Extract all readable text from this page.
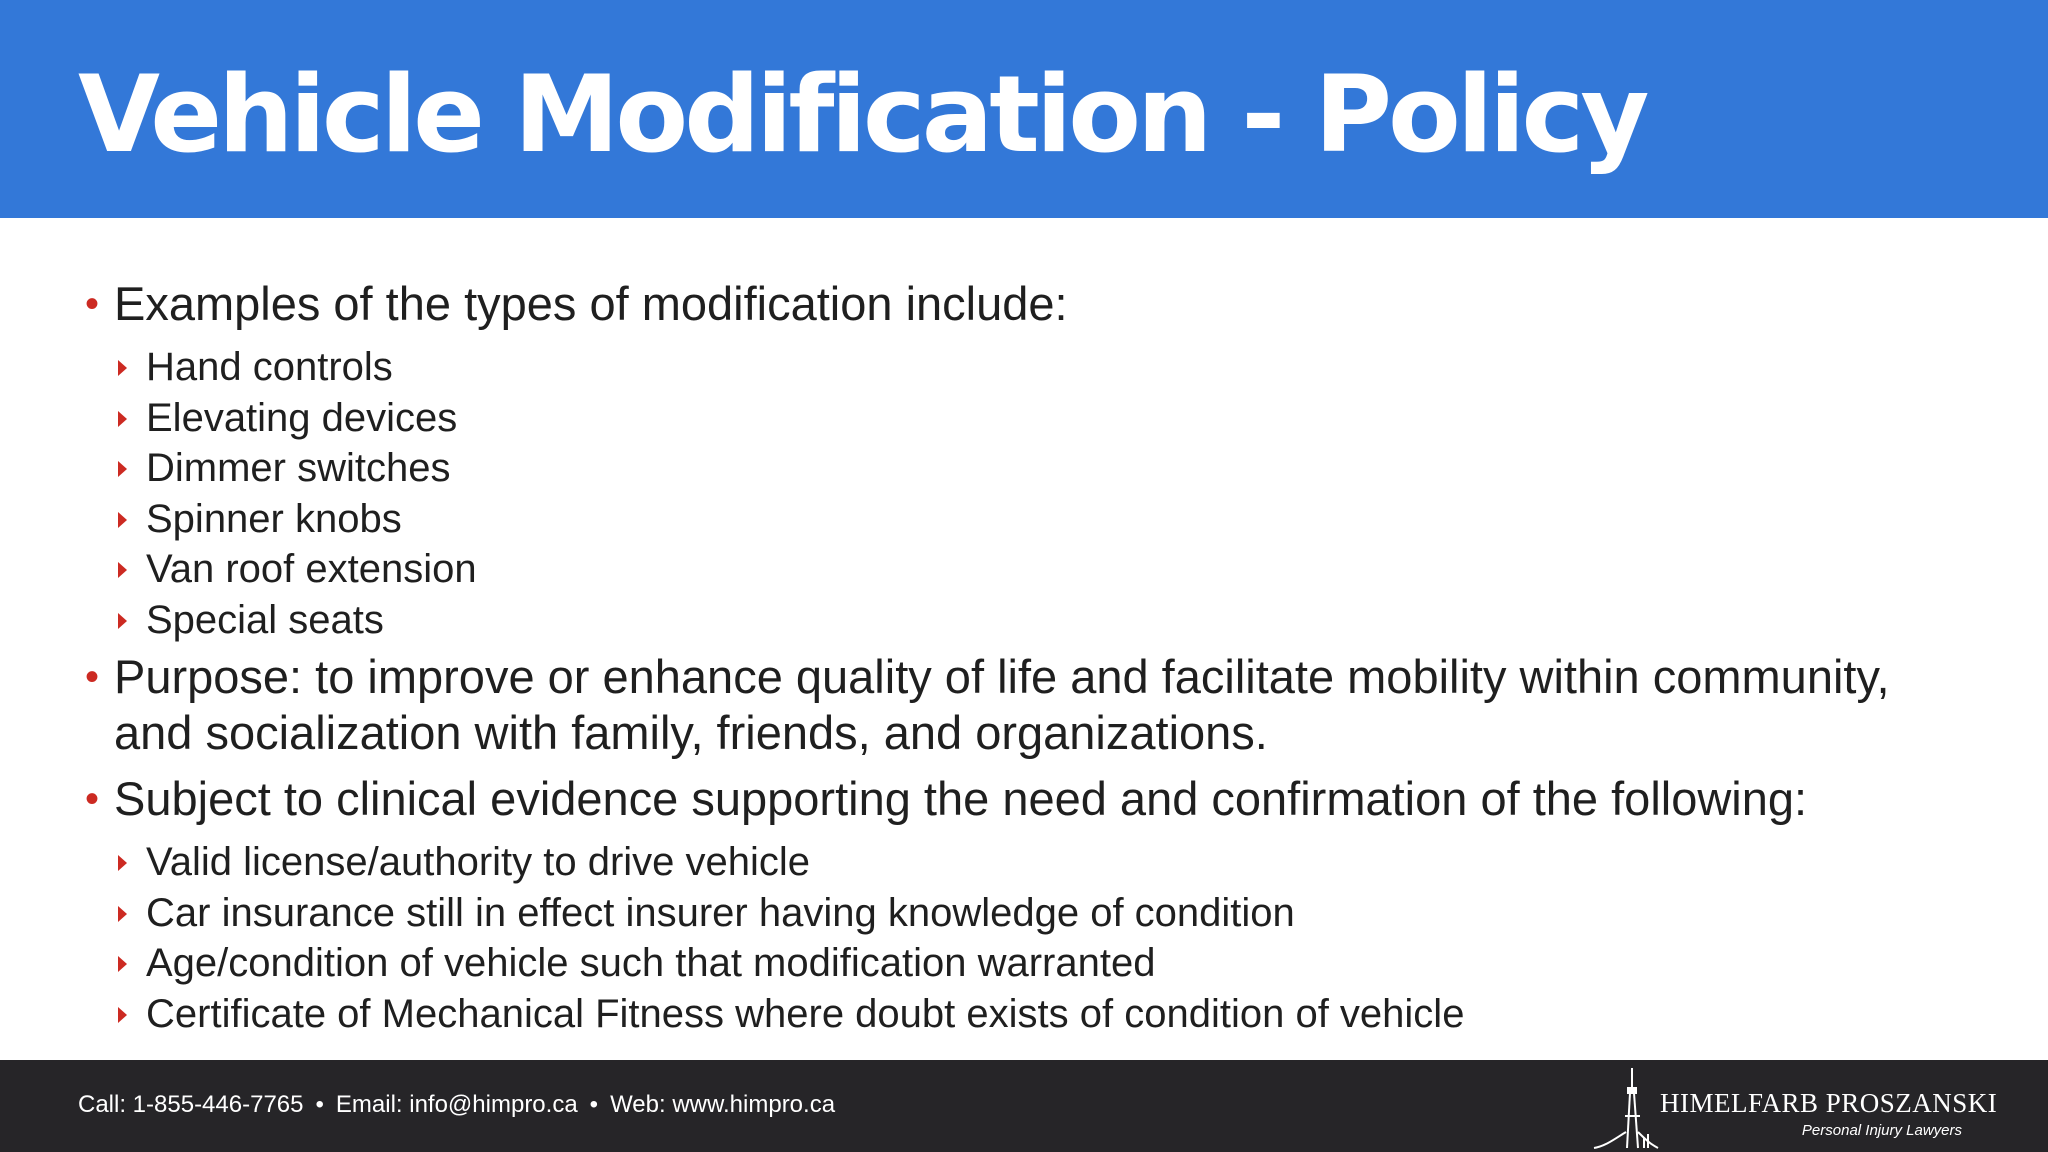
Vehicle Modification - Policy
• Examples of the types of modification include:
Hand controls
Elevating devices
Dimmer switches
Spinner knobs
Van roof extension
Special seats
• Purpose: to improve or enhance quality of life and facilitate mobility within community,
and socialization with family, friends, and organizations.
• Subject to clinical evidence supporting the need and confirmation of the following:
Valid license/authority to drive vehicle
Car insurance still in effect insurer having knowledge of condition
Age/condition of vehicle such that modification warranted
Certificate of Mechanical Fitness where doubt exists of condition of vehicle
Call: 1-855-446-7765 • Email: info@himpro.ca • Web: www.himpro.ca	HIMELFARB PROSZANSKI
Personal Injury Lawyers
